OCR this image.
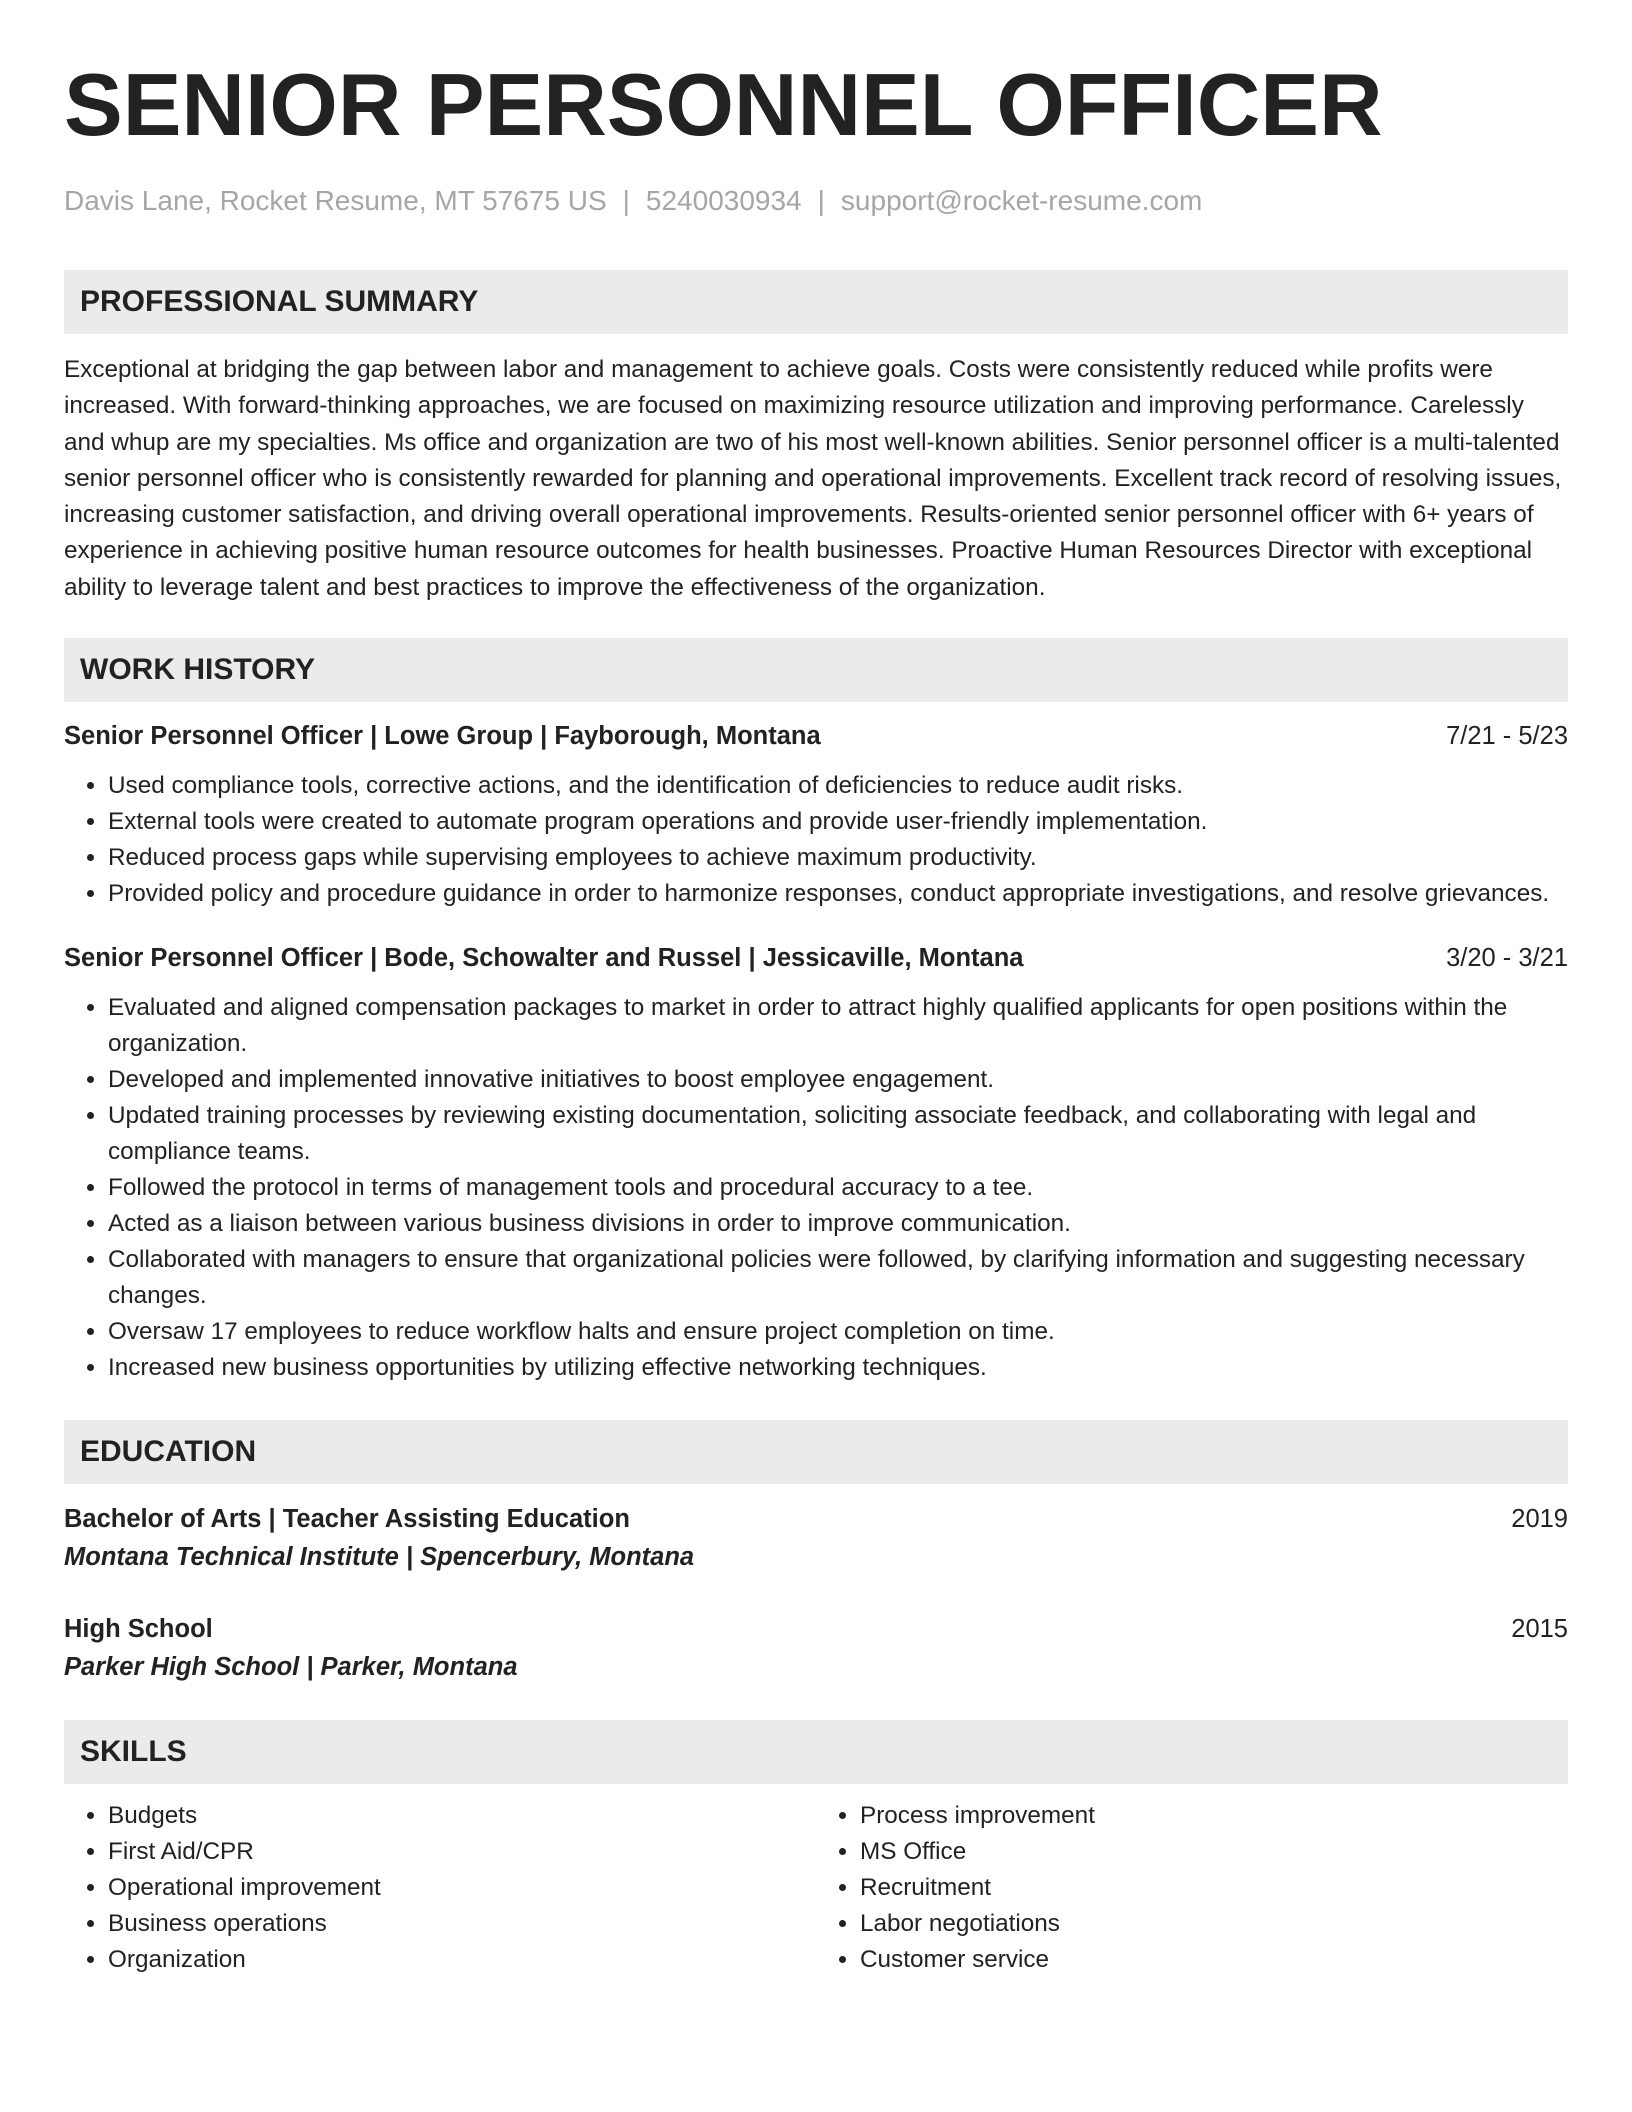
SENIOR PERSONNEL OFFICER
Davis Lane, Rocket Resume, MT 57675 US | 5240030934 | support@rocket-resume.com
PROFESSIONAL SUMMARY
Exceptional at bridging the gap between labor and management to achieve goals. Costs were consistently reduced while profits were increased. With forward-thinking approaches, we are focused on maximizing resource utilization and improving performance. Carelessly and whup are my specialties. Ms office and organization are two of his most well-known abilities. Senior personnel officer is a multi-talented senior personnel officer who is consistently rewarded for planning and operational improvements. Excellent track record of resolving issues, increasing customer satisfaction, and driving overall operational improvements. Results-oriented senior personnel officer with 6+ years of experience in achieving positive human resource outcomes for health businesses. Proactive Human Resources Director with exceptional ability to leverage talent and best practices to improve the effectiveness of the organization.
WORK HISTORY
Senior Personnel Officer | Lowe Group | Fayborough, Montana	7/21 - 5/23
• Used compliance tools, corrective actions, and the identification of deficiencies to reduce audit risks.
• External tools were created to automate program operations and provide user-friendly implementation.
• Reduced process gaps while supervising employees to achieve maximum productivity.
• Provided policy and procedure guidance in order to harmonize responses, conduct appropriate investigations, and resolve grievances.
Senior Personnel Officer | Bode, Schowalter and Russel | Jessicaville, Montana	3/20 - 3/21
• Evaluated and aligned compensation packages to market in order to attract highly qualified applicants for open positions within the organization.
• Developed and implemented innovative initiatives to boost employee engagement.
• Updated training processes by reviewing existing documentation, soliciting associate feedback, and collaborating with legal and compliance teams.
• Followed the protocol in terms of management tools and procedural accuracy to a tee.
• Acted as a liaison between various business divisions in order to improve communication.
• Collaborated with managers to ensure that organizational policies were followed, by clarifying information and suggesting necessary changes.
• Oversaw 17 employees to reduce workflow halts and ensure project completion on time.
• Increased new business opportunities by utilizing effective networking techniques.
EDUCATION
Bachelor of Arts | Teacher Assisting Education	2019
Montana Technical Institute | Spencerbury, Montana
High School	2015
Parker High School | Parker, Montana
SKILLS
• Budgets
• First Aid/CPR
• Operational improvement
• Business operations
• Organization
• Process improvement
• MS Office
• Recruitment
• Labor negotiations
• Customer service
